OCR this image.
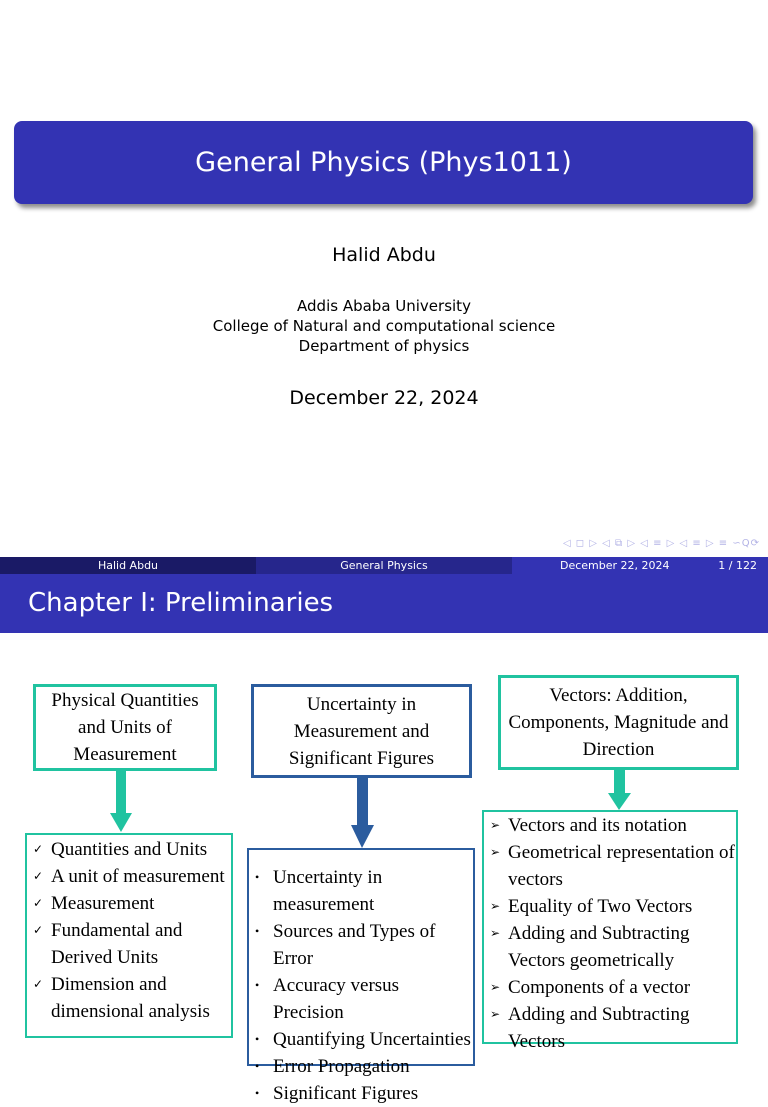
General Physics (Phys1011)
Halid Abdu
Addis Ababa University
College of Natural and computational science
Department of physics
December 22, 2024
◁ ◻ ▷ ◁ ⧉ ▷ ◁ ≡ ▷ ◁ ≡ ▷ ≡ ∽Q⟳
Halid Abdu	General Physics	December 22, 2024	1 / 122
Chapter I: Preliminaries
Physical Quantities and Units of Measurement
Uncertainty in Measurement and Significant Figures
Vectors: Addition, Components, Magnitude and Direction
✓ Quantities and Units
✓ A unit of measurement
✓ Measurement
✓ Fundamental and Derived Units
✓ Dimension and dimensional analysis
• Uncertainty in measurement
• Sources and Types of Error
• Accuracy versus Precision
• Quantifying Uncertainties
• Error Propagation
• Significant Figures
➢ Vectors and its notation
➢ Geometrical representation of vectors
➢ Equality of Two Vectors
➢ Adding and Subtracting Vectors geometrically
➢ Components of a vector
➢ Adding and Subtracting Vectors
